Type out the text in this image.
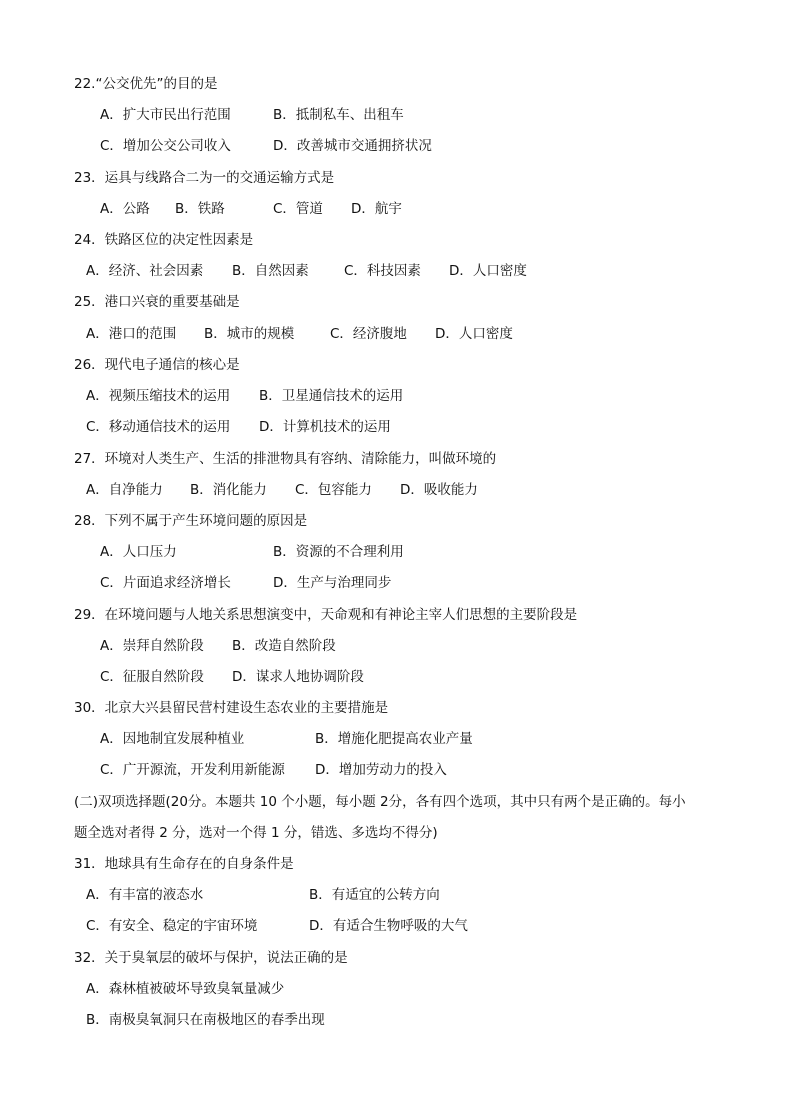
22.“公交优先”的目的是
A．扩大市民出行范围	B．抵制私车、出租车
C．增加公交公司收入	D．改善城市交通拥挤状况
23．运具与线路合二为一的交通运输方式是
A．公路 B．铁路	C．管道 D．航宇
24．铁路区位的决定性因素是
A．经济、社会因素 B．自然因素	C．科技因素 D．人口密度
25．港口兴衰的重要基础是
A．港口的范围 B．城市的规模	C．经济腹地 D．人口密度
26．现代电子通信的核心是
A．视频压缩技术的运用 B．卫星通信技术的运用
C．移动通信技术的运用 D．计算机技术的运用
27．环境对人类生产、生活的排泄物具有容纳、清除能力，叫做环境的
A．自净能力 B．消化能力 C．包容能力 D．吸收能力
28．下列不属于产生环境问题的原因是
A．人口压力	B．资源的不合理利用
C．片面追求经济增长	D．生产与治理同步
29．在环境问题与人地关系思想演变中，天命观和有神论主宰人们思想的主要阶段是
A．崇拜自然阶段 B．改造自然阶段
C．征服自然阶段 D．谋求人地协调阶段
30．北京大兴县留民营村建设生态农业的主要措施是
A．因地制宜发展种植业	B．增施化肥提高农业产量
C．广开源流，开发利用新能源 D．增加劳动力的投入
(二)双项选择题(20分。本题共 10 个小题，每小题 2分，各有四个选项，其中只有两个是正确的。每小
题全选对者得 2 分，选对一个得 1 分，错选、多选均不得分)
31．地球具有生命存在的自身条件是
A．有丰富的液态水	B．有适宜的公转方向
C．有安全、稳定的宇宙环境	D．有适合生物呼吸的大气
32．关于臭氧层的破坏与保护，说法正确的是
A．森林植被破坏导致臭氧量减少
B．南极臭氧洞只在南极地区的春季出现
